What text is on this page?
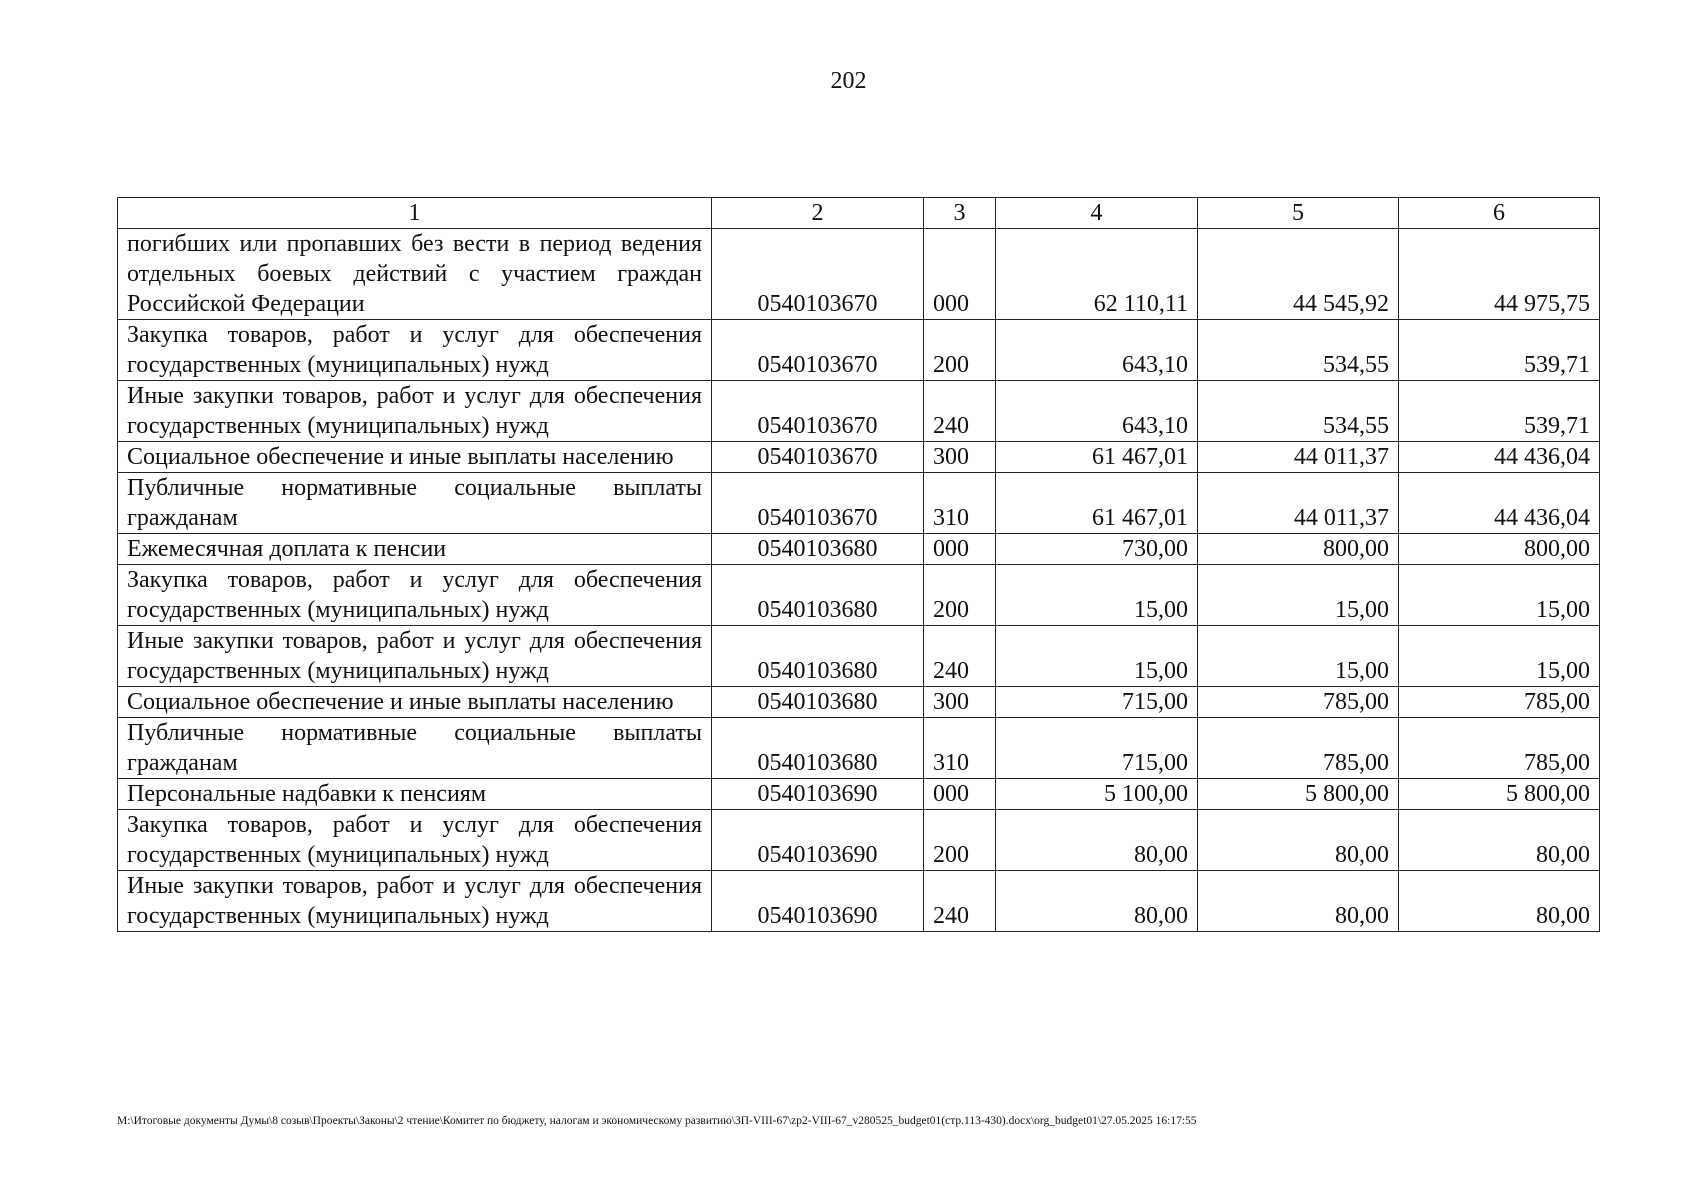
202
1	2	3	4	5	6
погибших или пропавших без вести в период ведения отдельных боевых действий с участием граждан Российской Федерации	0540103670	000	62 110,11	44 545,92	44 975,75
Закупка товаров, работ и услуг для обеспечения государственных (муниципальных) нужд	0540103670	200	643,10	534,55	539,71
Иные закупки товаров, работ и услуг для обеспечения государственных (муниципальных) нужд	0540103670	240	643,10	534,55	539,71
Социальное обеспечение и иные выплаты населению	0540103670	300	61 467,01	44 011,37	44 436,04
Публичные нормативные социальные выплаты гражданам	0540103670	310	61 467,01	44 011,37	44 436,04
Ежемесячная доплата к пенсии	0540103680	000	730,00	800,00	800,00
Закупка товаров, работ и услуг для обеспечения государственных (муниципальных) нужд	0540103680	200	15,00	15,00	15,00
Иные закупки товаров, работ и услуг для обеспечения государственных (муниципальных) нужд	0540103680	240	15,00	15,00	15,00
Социальное обеспечение и иные выплаты населению	0540103680	300	715,00	785,00	785,00
Публичные нормативные социальные выплаты гражданам	0540103680	310	715,00	785,00	785,00
Персональные надбавки к пенсиям	0540103690	000	5 100,00	5 800,00	5 800,00
Закупка товаров, работ и услуг для обеспечения государственных (муниципальных) нужд	0540103690	200	80,00	80,00	80,00
Иные закупки товаров, работ и услуг для обеспечения государственных (муниципальных) нужд	0540103690	240	80,00	80,00	80,00
M:\Итоговые документы Думы\8 созыв\Проекты\Законы\2 чтение\Комитет по бюджету, налогам и экономическому развитию\ЗП-VIII-67\zp2-VIII-67_v280525_budget01(стр.113-430).docx\org_budget01\27.05.2025 16:17:55
